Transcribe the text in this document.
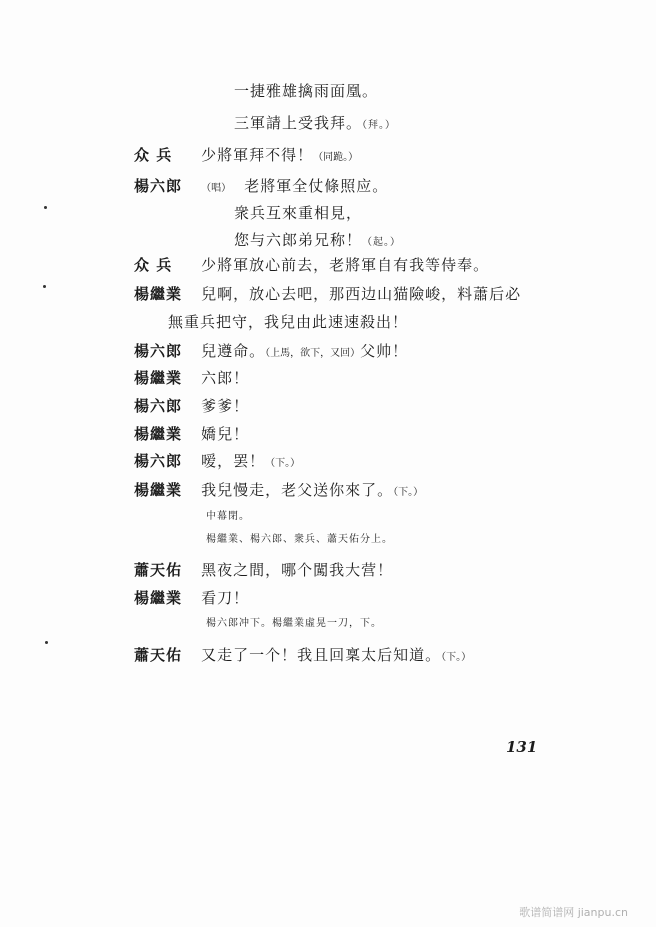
一捷雅雄擒雨面凰。
三軍請上受我拜。（拜。）
众 兵 少將軍拜不得！（同跪。）
楊六郎 （唱） 老將軍全仗條照应。
衆兵互來重相見，
您与六郎弟兄称！（起。）
众 兵 少將軍放心前去，老將軍自有我等侍奉。
楊繼業 兒啊，放心去吧，那西边山猫險峻，料蕭后必
無重兵把守，我兒由此速速殺出！
楊六郎 兒遵命。（上馬，欲下，又回）父帅！
楊繼業 六郎！
楊六郎 爹爹！
楊繼業 嬌兒！
楊六郎 嗳，罢！（下。）
楊繼業 我兒慢走，老父送你來了。（下。）
中幕閉。
楊繼業、楊六郎、衆兵、蕭天佑分上。
蕭天佑 黑夜之間，哪个闖我大营！
楊繼業 看刀！
楊六郎冲下。楊繼業虛晃一刀，下。
蕭天佑 又走了一个！我且回稟太后知道。（下。）
131
歌谱简谱网 jianpu.cn
